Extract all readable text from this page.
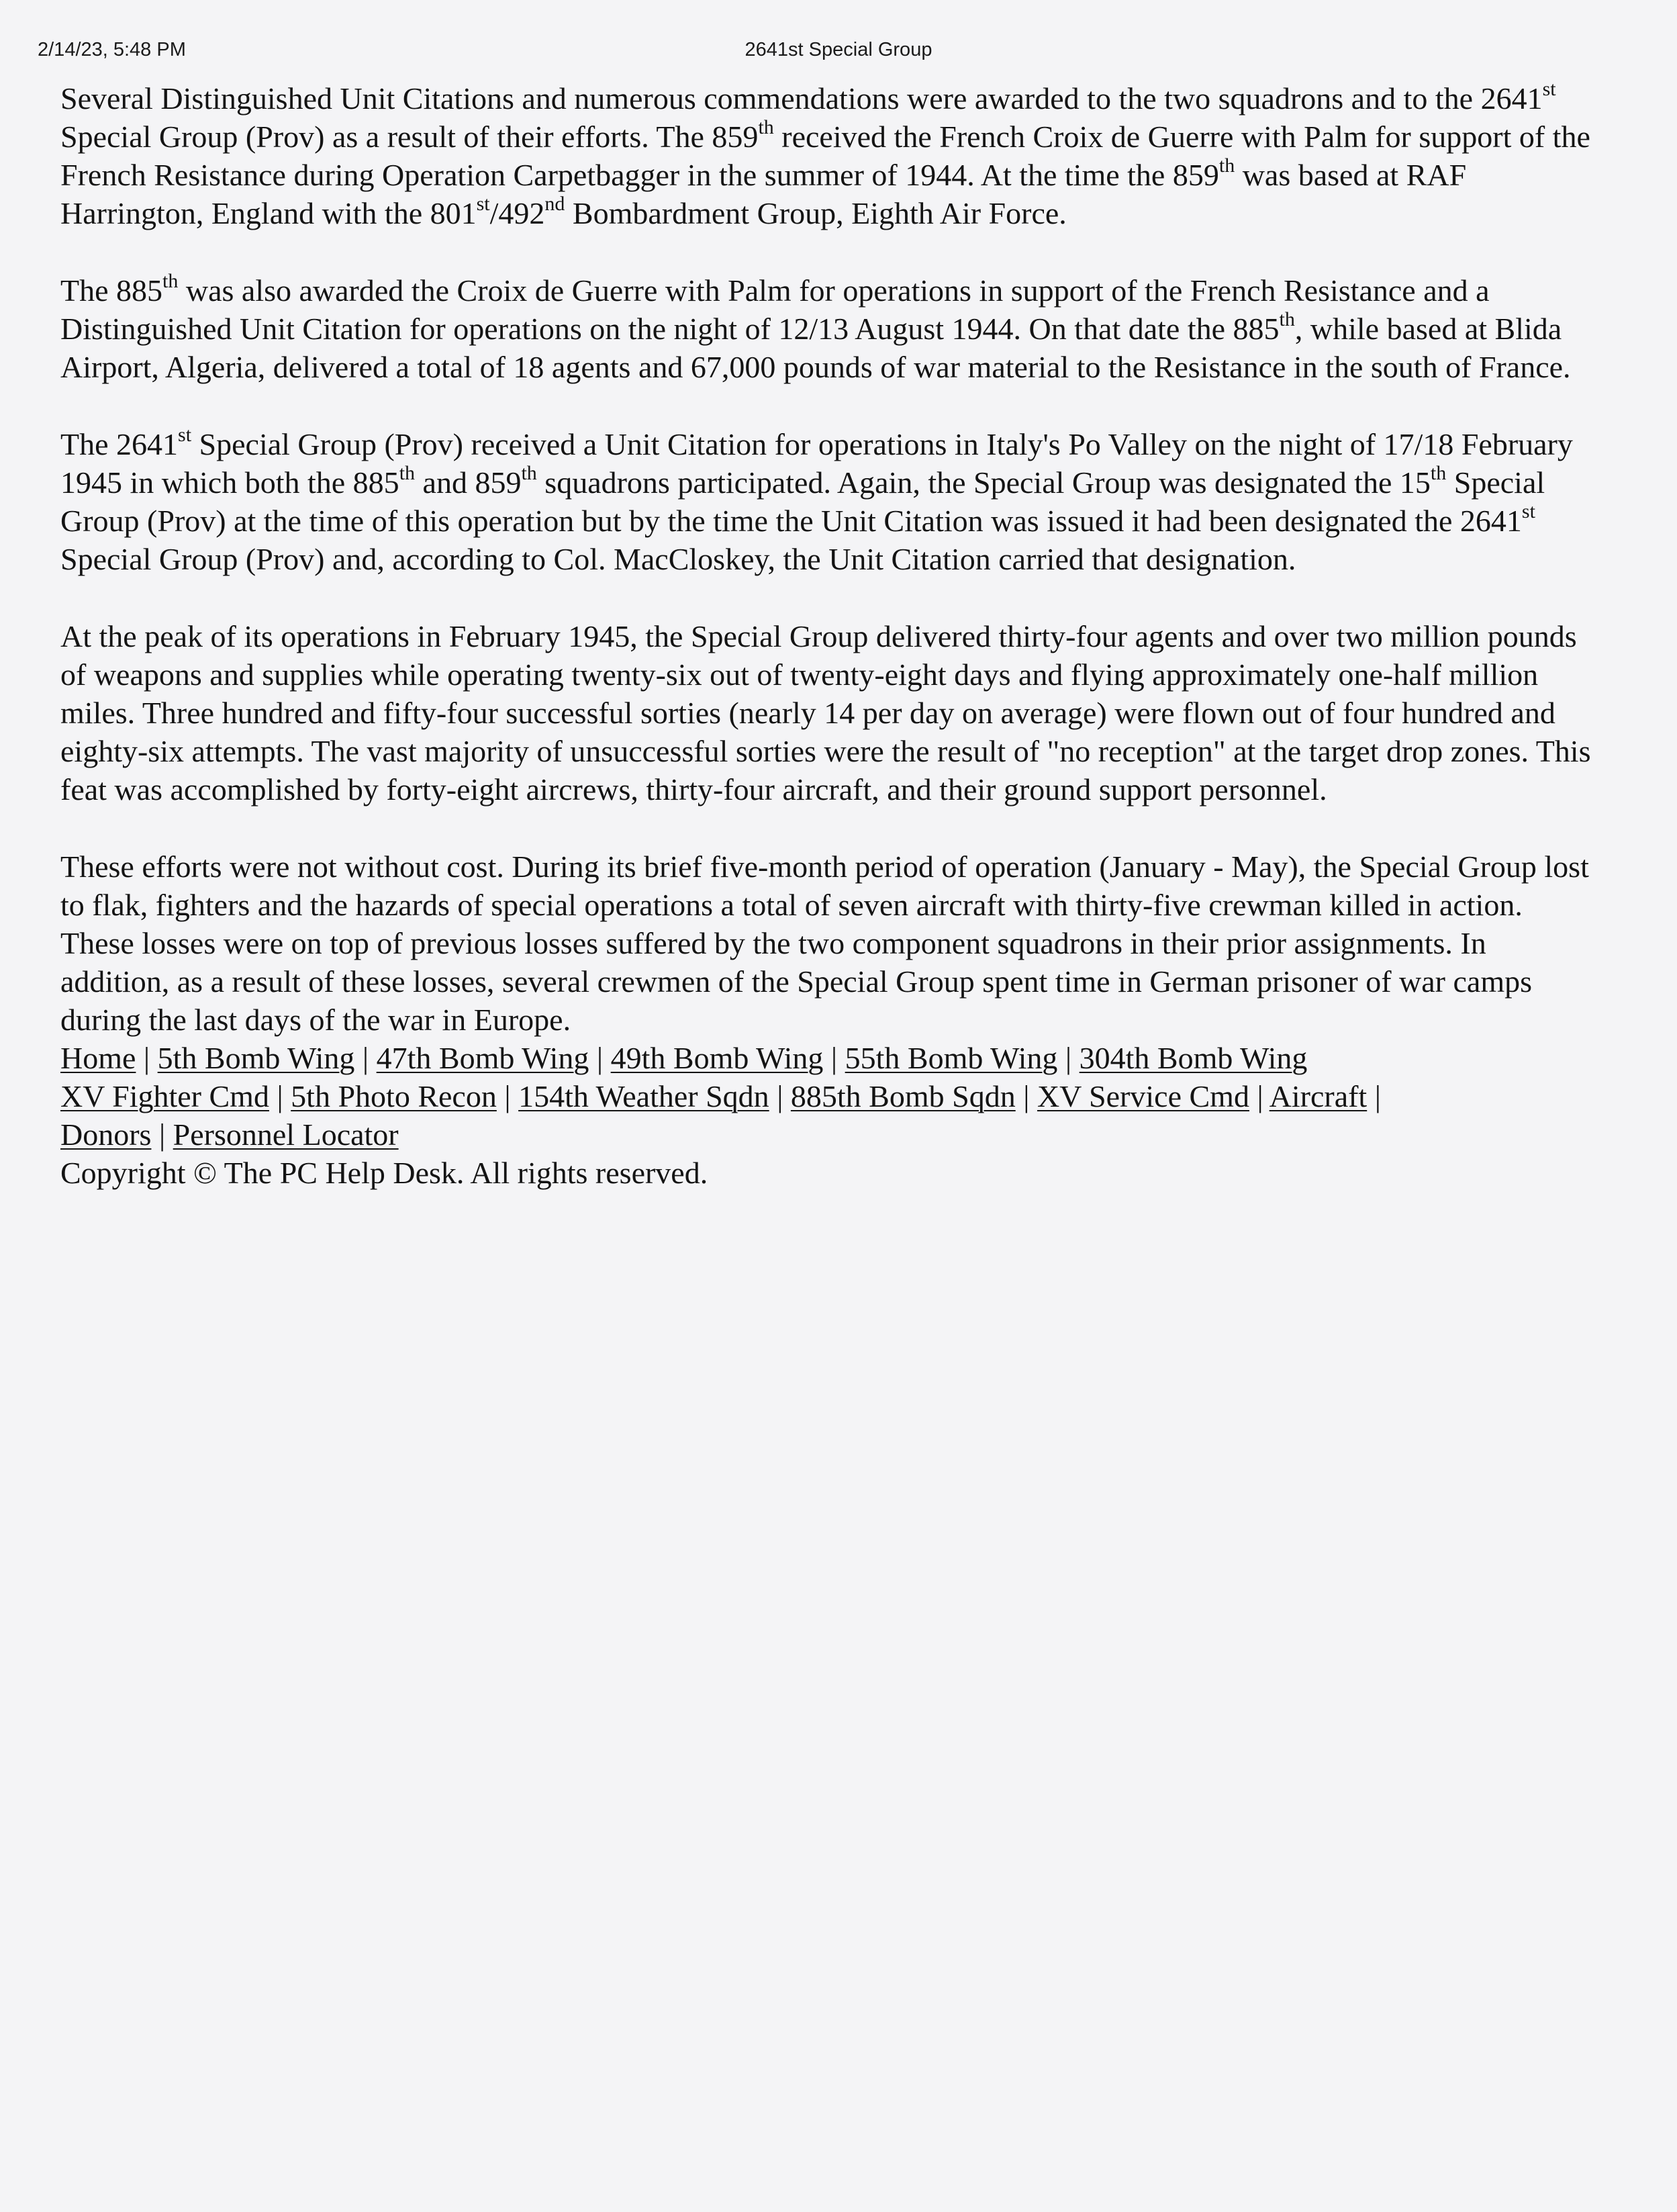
2641st Special Group
2/14/23, 5:48 PM

Several Distinguished Unit Citations and numerous commendations were awarded to the two squadrons and to the 2641st Special Group (Prov) as a result of their efforts. The 859th received the French Croix de Guerre with Palm for support of the French Resistance during Operation Carpetbagger in the summer of 1944. At the time the 859th was based at RAF Harrington, England with the 801st/492nd Bombardment Group, Eighth Air Force.

The 885th was also awarded the Croix de Guerre with Palm for operations in support of the French Resistance and a Distinguished Unit Citation for operations on the night of 12/13 August 1944. On that date the 885th, while based at Blida Airport, Algeria, delivered a total of 18 agents and 67,000 pounds of war material to the Resistance in the south of France.

The 2641st Special Group (Prov) received a Unit Citation for operations in Italy's Po Valley on the night of 17/18 February 1945 in which both the 885th and 859th squadrons participated. Again, the Special Group was designated the 15th Special Group (Prov) at the time of this operation but by the time the Unit Citation was issued it had been designated the 2641st Special Group (Prov) and, according to Col. MacCloskey, the Unit Citation carried that designation.

At the peak of its operations in February 1945, the Special Group delivered thirty-four agents and over two million pounds of weapons and supplies while operating twenty-six out of twenty-eight days and flying approximately one-half million miles. Three hundred and fifty-four successful sorties (nearly 14 per day on average) were flown out of four hundred and eighty-six attempts. The vast majority of unsuccessful sorties were the result of "no reception" at the target drop zones. This feat was accomplished by forty-eight aircrews, thirty-four aircraft, and their ground support personnel.

These efforts were not without cost. During its brief five-month period of operation (January - May), the Special Group lost to flak, fighters and the hazards of special operations a total of seven aircraft with thirty-five crewman killed in action. These losses were on top of previous losses suffered by the two component squadrons in their prior assignments. In addition, as a result of these losses, several crewmen of the Special Group spent time in German prisoner of war camps during the last days of the war in Europe.

Home | 5th Bomb Wing | 47th Bomb Wing | 49th Bomb Wing | 55th Bomb Wing | 304th Bomb Wing
XV Fighter Cmd | 5th Photo Recon | 154th Weather Sqdn | 885th Bomb Sqdn | XV Service Cmd | Aircraft |
Donors | Personnel Locator

Copyright © The PC Help Desk. All rights reserved.
